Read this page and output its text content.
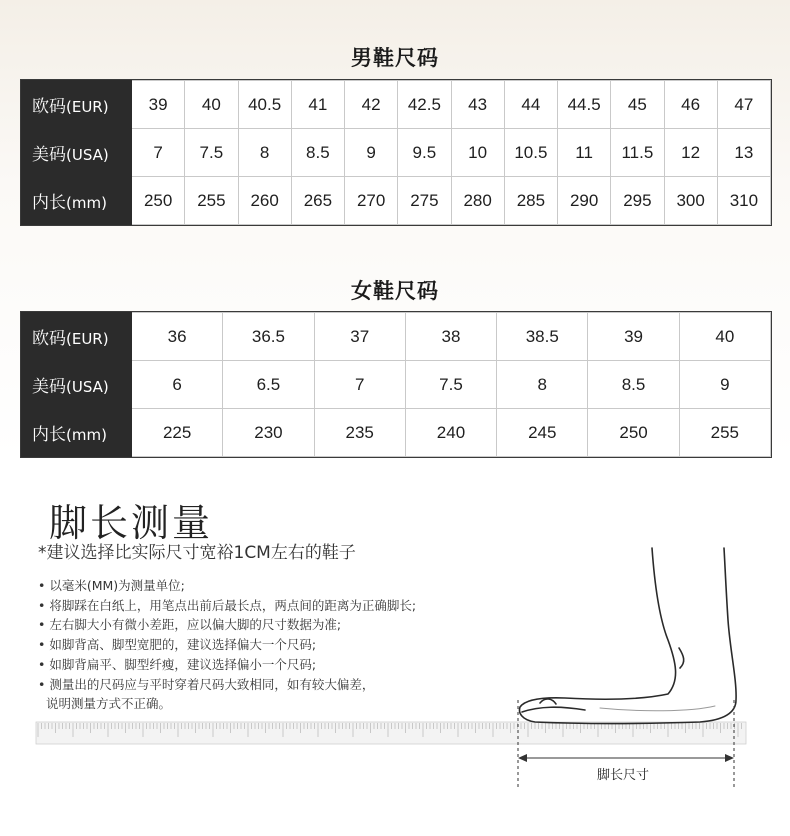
男鞋尺码
欧码(EUR)	39	40	40.5	41	42	42.5	43	44	44.5	45	46	47
美码(USA)	7	7.5	8	8.5	9	9.5	10	10.5	11	11.5	12	13
内长(mm)	250	255	260	265	270	275	280	285	290	295	300	310
女鞋尺码
欧码(EUR)	36	36.5	37	38	38.5	39	40
美码(USA)	6	6.5	7	7.5	8	8.5	9
内长(mm)	225	230	235	240	245	250	255
脚长测量
*建议选择比实际尺寸宽裕1CM左右的鞋子
• 以毫米(MM)为测量单位;
• 将脚踩在白纸上，用笔点出前后最长点，两点间的距离为正确脚长;
• 左右脚大小有微小差距，应以偏大脚的尺寸数据为准;
• 如脚背高、脚型宽肥的，建议选择偏大一个尺码;
• 如脚背扁平、脚型纤瘦，建议选择偏小一个尺码;
• 测量出的尺码应与平时穿着尺码大致相同，如有较大偏差，
说明测量方式不正确。
脚长尺寸
